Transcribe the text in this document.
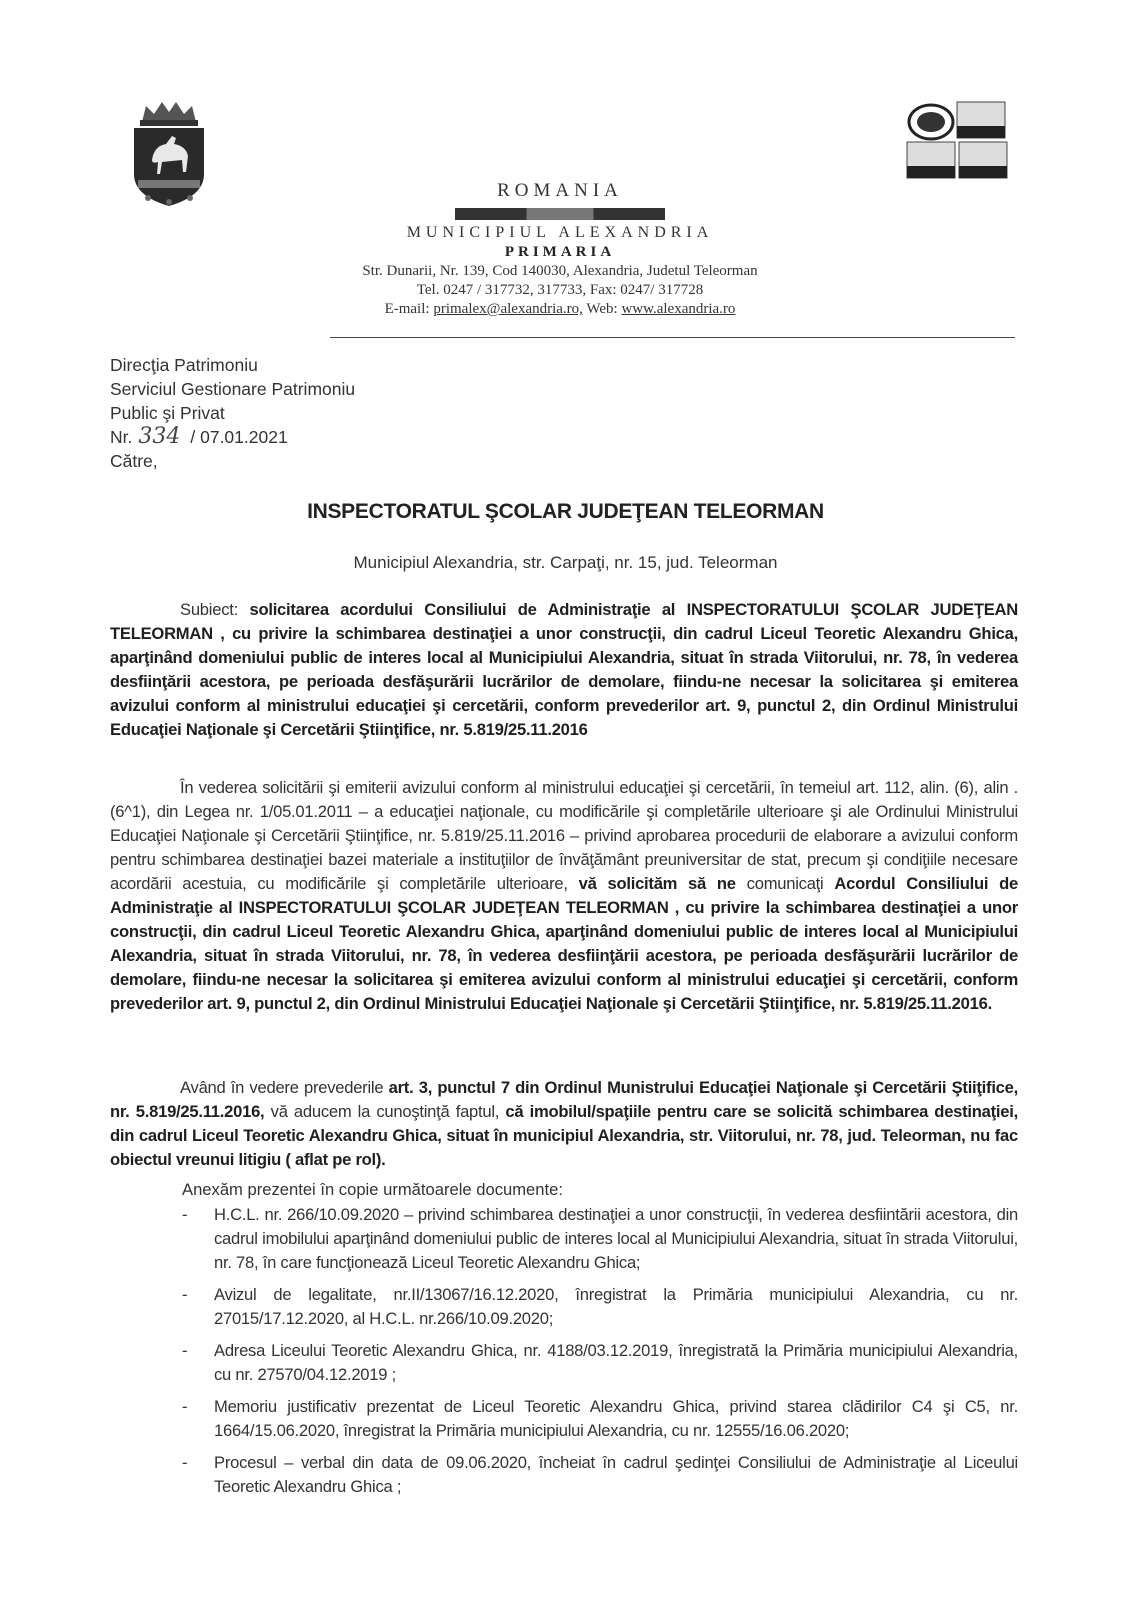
ROMANIA
MUNICIPIUL ALEXANDRIA
PRIMARIA
Str. Dunarii, Nr. 139, Cod 140030, Alexandria, Judetul Teleorman
Tel. 0247 / 317732, 317733, Fax: 0247/ 317728
E-mail: primalex@alexandria.ro, Web: www.alexandria.ro
Direcţia Patrimoniu
Serviciul Gestionare Patrimoniu
Public şi Privat
Nr. 334 / 07.01.2021
Către,
INSPECTORATUL ŞCOLAR JUDEŢEAN TELEORMAN
Municipiul Alexandria, str. Carpaţi, nr. 15, jud. Teleorman
Subiect: solicitarea acordului Consiliului de Administraţie al INSPECTORATULUI ŞCOLAR JUDEŢEAN TELEORMAN , cu privire la schimbarea destinaţiei a unor construcţii, din cadrul Liceul Teoretic Alexandru Ghica, aparţinând domeniului public de interes local al Municipiului Alexandria, situat în strada Viitorului, nr. 78, în vederea desfiinţării acestora, pe perioada desfăşurării lucrărilor de demolare, fiindu-ne necesar la solicitarea şi emiterea avizului conform al ministrului educaţiei şi cercetării, conform prevederilor art. 9, punctul 2, din Ordinul Ministrului Educaţiei Naţionale şi Cercetării Ştiinţifice, nr. 5.819/25.11.2016
În vederea solicitării şi emiterii avizului conform al ministrului educaţiei şi cercetării, în temeiul art. 112, alin. (6), alin .(6^1), din Legea nr. 1/05.01.2011 – a educaţiei naţionale, cu modificările şi completările ulterioare şi ale Ordinului Ministrului Educaţiei Naţionale şi Cercetării Ştiinţifice, nr. 5.819/25.11.2016 – privind aprobarea procedurii de elaborare a avizului conform pentru schimbarea destinaţiei bazei materiale a instituţiilor de învăţământ preuniversitar de stat, precum şi condiţiile necesare acordării acestuia, cu modificările şi completările ulterioare, vă solicităm să ne comunicaţi Acordul Consiliului de Administraţie al INSPECTORATULUI ŞCOLAR JUDEŢEAN TELEORMAN , cu privire la schimbarea destinaţiei a unor construcţii, din cadrul Liceul Teoretic Alexandru Ghica, aparţinând domeniului public de interes local al Municipiului Alexandria, situat în strada Viitorului, nr. 78, în vederea desfiinţării acestora, pe perioada desfăşurării lucrărilor de demolare, fiindu-ne necesar la solicitarea şi emiterea avizului conform al ministrului educaţiei şi cercetării, conform prevederilor art. 9, punctul 2, din Ordinul Ministrului Educaţiei Naţionale şi Cercetării Ştiinţifice, nr. 5.819/25.11.2016.
Având în vedere prevederile art. 3, punctul 7 din Ordinul Munistrului Educaţiei Naţionale şi Cercetării Ştiiţifice, nr. 5.819/25.11.2016, vă aducem la cunoştinţă faptul, că imobilul/spaţiile pentru care se solicită schimbarea destinaţiei, din cadrul Liceul Teoretic Alexandru Ghica, situat în municipiul Alexandria, str. Viitorului, nr. 78, jud. Teleorman, nu fac obiectul vreunui litigiu ( aflat pe rol).
Anexăm prezentei în copie următoarele documente:
- H.C.L. nr. 266/10.09.2020 – privind schimbarea destinaţiei a unor construcţii, în vederea desfiintării acestora, din cadrul imobilului aparţinând domeniului public de interes local al Municipiului Alexandria, situat în strada Viitorului, nr. 78, în care funcţionează Liceul Teoretic Alexandru Ghica;
- Avizul de legalitate, nr.II/13067/16.12.2020, înregistrat la Primăria municipiului Alexandria, cu nr. 27015/17.12.2020, al H.C.L. nr.266/10.09.2020;
- Adresa Liceului Teoretic Alexandru Ghica, nr. 4188/03.12.2019, înregistrată la Primăria municipiului Alexandria, cu nr. 27570/04.12.2019 ;
- Memoriu justificativ prezentat de Liceul Teoretic Alexandru Ghica, privind starea clădirilor C4 şi C5, nr. 1664/15.06.2020, înregistrat la Primăria municipiului Alexandria, cu nr. 12555/16.06.2020;
- Procesul – verbal din data de 09.06.2020, încheiat în cadrul şedinţei Consiliului de Administraţie al Liceului Teoretic Alexandru Ghica ;
